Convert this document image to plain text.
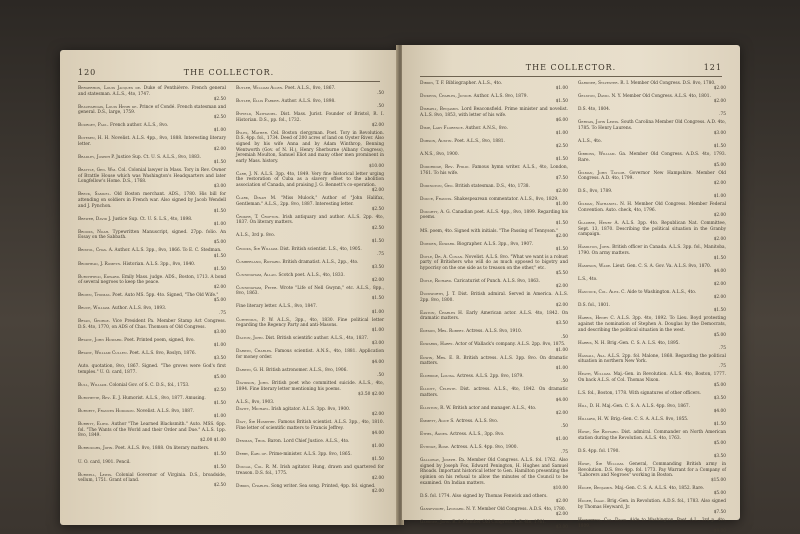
120	THE COLLECTOR.

Bergerhon, Louis Jacques de. Duke of Penthièvre. French general and statesman. A.L.S., 4to, 1747.
$2.50

Beauharnais, Louis Henri de. Prince of Condé. French statesman and general. D.S., large, 1759.
$2.50

Bourget, Paul. French author. A.L.S., 8vo.
$1.00

Boyesen, H. H. Novelist. A.L.S. 4pp., 8vo, 1888. Interesting literary letter.
$2.00

Bradley, Joseph P. Justice Sup. Ct. U. S. A.L.S., 8vo, 1883.
$1.50

Brattle, Gen. Wm. Col. Colonial lawyer in Mass. Tory in Rev. Owner of Brattle House which was Washington's Headquarters and later Longfellow's Home. D.S., 1768.
$3.00

Breck, Samuel. Old Boston merchant. ADS., 1780. His bill for attending on soldiers in French war. Also signed by Jacob Wendell and J. Pynchon.
$1.50

Brewer, David J. Justice Sup. Ct. U. S. L.S., 4to, 1898.
$1.00

Brooks, Noah. Typewritten Manuscript, signed. 27pp. folio. An Essay on the Sabbath.
$5.00

Bristol, Chas. A. Author. A.L.S. 3pp., 8vo, 1866. To E. C. Stedman.
$1.50

Brodhead, J. Romeyn. Historian. A.L.S. 3pp., 8vo, 1840.
$1.50

Burchfield, Edward. Emily Mass. judge. ADS., Boston, 1713. A bond of several negroes to keep the peace.
$2.00

Brown, Thomas. Poet. Auto MS. 5pp. 4to. Signed, "The Old Wife."
$5.00

Bruce, William. Author. A.L.S. 8vo, 1893.
.75

Bryan, George. Vice President Pa. Member Stamp Act Congress. D.S. 4to, 1770, on ADS of Chas. Thomson of Old Congress.
$3.00

Bryant, John Howard. Poet. Printed poem, signed, 8vo.
$1.00

Bryant, William Cullen. Poet. A.L.S. 8vo, Roslyn, 1876.
$3.50

Auto. quotation, 8vo, 1867. Signed. "The groves were God's first temples." U. O. card, 1877.
$5.00

Bull, William. Colonial Gov. of S. C. D.S., fol., 1753.
$2.50

Burchette, Rev. E. J. Humorist. A.L.S., 8vo, 1877. Amusing.
$1.50

Burnett, Frances Hodgson. Novelist. A.L.S. 8vo, 1887.
$1.00

Burritt, Elihu. Author "The Learned Blacksmith." Auto. MSS. 6pp. fol. "The Wants of the World and their Order and Due." A.L.S. 1pp. 8vo, 1849.
$2.00 $1.00

Burroughs, John. Poet. A.L.S. 8vo, 1888. On literary matters.
$1.50

U. O. card, 1901. Pencil.
$1.50

Burwell, Lewis. Colonial Governor of Virginia. D.S., broadside, vellum, 1751. Grant of land.
$2.50

Butler, William Allen. Poet. A.L.S., 8vo, 1867.
.50

Butler, Ellis Parker. Author. A.L.S. 8vo, 1898.
.50

Byfield, Nathaniel. Dist. Mass. Jurist. Founder of Bristol, R. I. Historian. D.S., pp. fol., 1732.
$2.00

Byles, Mather. Cel. Boston clergyman. Poet. Tory in Revolution. D.S. 4pp. fol., 1734. Deed of 200 acres of land on Oyster River. Also signed by his wife Anna and by Adam Winthrop, Benning Wentworth (Gov. of N. H.), Henry Sherburne (Albany Congress), Jeremiah Moulton, Samuel Eliot and many other men prominent in early Mass. history.
$10.00

Carr, J. N. A.L.S. 3pp. 4to, 1849. Very fine historical letter urging the restoration of Cuba as a slavery offset to the abolition association of Canada, and praising J. G. Bennett's co-operation.
$2.00

Clark, Dinah M. "Miss Mulock," Author of "John Halifax, Gentleman." A.L.S., 2pp. 8vo, 1887. Interesting letter.
$2.50

Croker, T. Crofton. Irish antiquary and author. A.L.S. 2pp. 4to, 1837. On literary matters.
$2.50

A.L.S., 3rd p. 8vo.
$1.50

Crooks, Sir William. Dist. British scientist. L.S., 4to, 1905.
.75

Cumberland, Richard. British dramatist. A.L.S., 2pp., 4to.
$3.50

Cunningham, Allan. Scotch poet. A.L.S., 4to, 1833.
$2.00

Cunningham, Peter. Wrote "Life of Nell Gwynn," etc. A.L.S., 8pp., 8vo, 1863.
$1.50

Fine literary letter. A.L.S., 8vo, 1847.
$1.00

Curtenius, P. W. A.L.S., 3pp., 4to, 1830. Fine political letter regarding the Regency Party and anti-Masons.
$1.00

Dalton, John. Dist. British scientific author. A.L.S., 4to, 1837.
$3.00

Darwin, Charles. Famous scientist. A.N.S., 4to, 1881. Application for money order.
$4.00

Darwin, G. H. British astronomer. A.L.S., 8vo, 1906.
.50

Davidson, John. British poet who committed suicide. A.L.S., 4to, 1894. Fine literary letter mentioning his poems.
$3.50 $2.00

A.L.S., 8vo, 1903.

Davitt, Michael. Irish agitator. A.L.S. 3pp. 8vo, 1900.
$2.00

Davy, Sir Humphry. Famous British scientist. A.L.S. 3pp., 4to, 1810. Fine letter of scientific matters to Francis Jeffrey.
$4.00

Denman, Thos. Baron. Lord Chief Justice. A.L.S., 4to.
$1.00

Derby, Earl of. Prime-minister. A.L.S. 3pp. 8vo, 1865.
$1.50

Dougal, Col. R. M. Irish agitator. Hung, drawn and quartered for treason. D.S. fol., 1775.
$2.00

Dibdin, Charles. Song writer. Sea song. Printed, 4pp. fol. signed.
$2.00

THE COLLECTOR.	121

Dibdin, T. F. Bibliographer. A.L.S., 4to.
$1.00

Dickens, Charles, Junior. Author. A.L.S. 8vo, 1879.
$1.50

Disraeli, Benjamin. Lord Beaconsfield. Prime minister and novelist. A.L.S. 8vo, 1853, with letter of his wife.
$6.00

Dixie, Lady Florence. Author. A.N.S., 8vo.
$1.00

Dobson, Austin. Poet. A.L.S., 8vo, 1881.
$2.50

A.N.S., 8vo, 1900.
$1.50

Doddridge, Rev. Philip. Famous hymn writer. A.L.S., 4to, London, 1761. To his wife.
$7.50

Dodington, Geo. British statesman. D.S., 4to, 1738.
$2.00

Douce, Francis. Shakespearean commentator. A.L.S., 8vo, 1829.
$1.00

Doughty, A. G. Canadian poet. A.L.S. 4pp., 8vo, 1899. Regarding his poems.
$1.50

MS. poem, 4to. Signed with initials. "The Passing of Tennyson."
$2.00

Dowden, Edward. Biographer. A.L.S. 3pp., 8vo, 1907.
$1.50

Doyle, Dr. A. Conan. Novelist. A.L.S. 8vo. "What we want is a robust party of Britishers who will do as much opposed to bigotry and hypocrisy on the one side as to treason on the other," etc.
$5.50

Doyle, Richard. Caricaturist of Punch. A.L.S. 8vo, 1863.
$2.00

Duckworth, J. T. Dist. British admiral. Served in America. A.L.S. 2pp. 8vo, 1800.
$2.00

Easton, Charles H. Early American actor. A.L.S. 4to, 1842. On dramatic matters.
$3.50

Edeson, Mrs. Robert. Actress. A.L.S. 8vo, 1910.
.50

Edwards, Harry. Actor of Wallack's company. A.L.S. 2pp. 8vo, 1875.
$1.00

Edwin, Mrs. E. R. British actress. A.L.S. 3pp. 8vo. On dramatic matters.
$1.00

Eldridge, Louisa. Actress. A.L.S. 2pp. 8vo, 1879.
.50

Elliott, Celeste. Dist. actress. A.L.S., 4to, 1842. On dramatic matters.
$4.00

Elliston, R. W. British actor and manager. A.L.S., 4to.
$2.00

Emmett, Alice S. Actress. A.L.S. 8vo.
.50

Ethel, Agnes. Actress. A.L.S., 3pp. 8vo.
$1.00

Eytinge, Rose. Actress. A.L.S. 4pp. 8vo, 1900.
.75

Galloway, Joseph. Pa. Member Old Congress. A.L.S. fol. 1762. Also signed by Joseph Fox, Edward Penington, H. Hughes and Samuel Rhoads. Important historical letter to Gen. Hamilton presenting the opinion on his refusal to allow the minutes of the Council to be examined. On Indian matters.
$10.00

D.S. fol. 1774. Also signed by Thomas Fenwick and others.
$2.00

Gansevoort, Leonard. N. Y. Member Old Congress. A.D.S. 4to, 1780.
$2.00

Gardner, John. R. I. Member Old Congress. L.S. 4to, 1761.
$3.00

Gardner, Sylvester. R. I. Member Old Congress. D.S. 8vo, 1780.
$2.00

Gelston, David. N. Y. Member Old Congress. A.L.S. 4to, 1801.
$2.00

D.S. 4to, 1804.
.75

Gervais, John Lewis. South Carolina Member Old Congress. A.D. 4to, 1785. To Henry Laurens.
$3.00

A.L.S., 4to.
$1.50

Gibbons, William. Ga. Member Old Congress. A.D.S. 4to, 1793. Rare.
$5.00

Gilman, John Taylor. Governor New Hampshire. Member Old Congress. A.D. 4to, 1799.
$2.00

D.S., 8vo, 1789.
$1.00

Gilman, Nathaniel. N. H. Member Old Congress. Member Federal Convention. Auto. check, 4to, 1796.
$2.00

Glaubre, Henry A. A.L.S. 3pp. 4to. Republican Nat. Committee, Sept. 13, 1870. Describing the political situation in the Granby campaign.
$2.00

Hamilton, John. British officer in Canada. A.L.S. 3pp. fol., Manitoba, 1790. On army matters.
$1.50

Hampson, Wade. Lieut. Gen. C. S. A. Gov. Va. A.L.S. 8vo, 1870.
$4.00

L.S., 4to.
$2.00

Hancock, Col. Alex. C. Aide to Washington. A.L.S., 4to.
$2.00

D.S. fol., 1801.
$1.50

Harris, Henry C. A.L.S. 3pp. 4to, 1892. To Lieu. Boyd protesting against the nomination of Stephen A. Douglas by the Democrats, and describing the political situation in the west.
$5.00

Harris, N. H. Brig.-Gen. C. S. A. L.S. 4to, 1895.
.75

Hassall, Asa. A.L.S. 2pp. fol. Malone, 1868. Regarding the political situation in northern New York.
.75

Heath, William. Maj.-Gen. in Revolution. A.L.S. 4to, Boston, 1777. On back A.L.S. of Col. Thomas Nixon.
$5.00

L.S. fol., Boston, 1778. With signatures of other officers.
$3.50

Hill, D. H. Maj.-Gen. C. S. A. A.L.S. 4pp. 8vo, 1867.
$4.00

Hilliard, H. W. Brig.-Gen. C. S. A. A.L.S. 8vo, 1855.
$1.50

Howe, Sir Richard. Dist. admiral. Commander on North American station during the Revolution. A.L.S. 4to, 1763.
$5.00

D.S. 4pp. fol. 1790.
$3.50

Howe, Sir William. General, Commanding British army in Revolution. D.S. 8vo 4pp. fol. 1773. Pay Warrant for a Company of "Laborers and Negroes" working in Boston.
$15.00

Huger, Benjamin. Maj.-Gen. C. S. A. A.L.S. 4to, 1852. Rare.
$5.00

Huger, Isaac. Brig.-Gen. in Revolution. A.D.S. fol., 1783. Also signed by Thomas Heyward, Jr.
$7.50

Humphreys, Col. David. Aide to Washington. Poet. A.L., 3rd p. 4to, 1809.
$4.00
